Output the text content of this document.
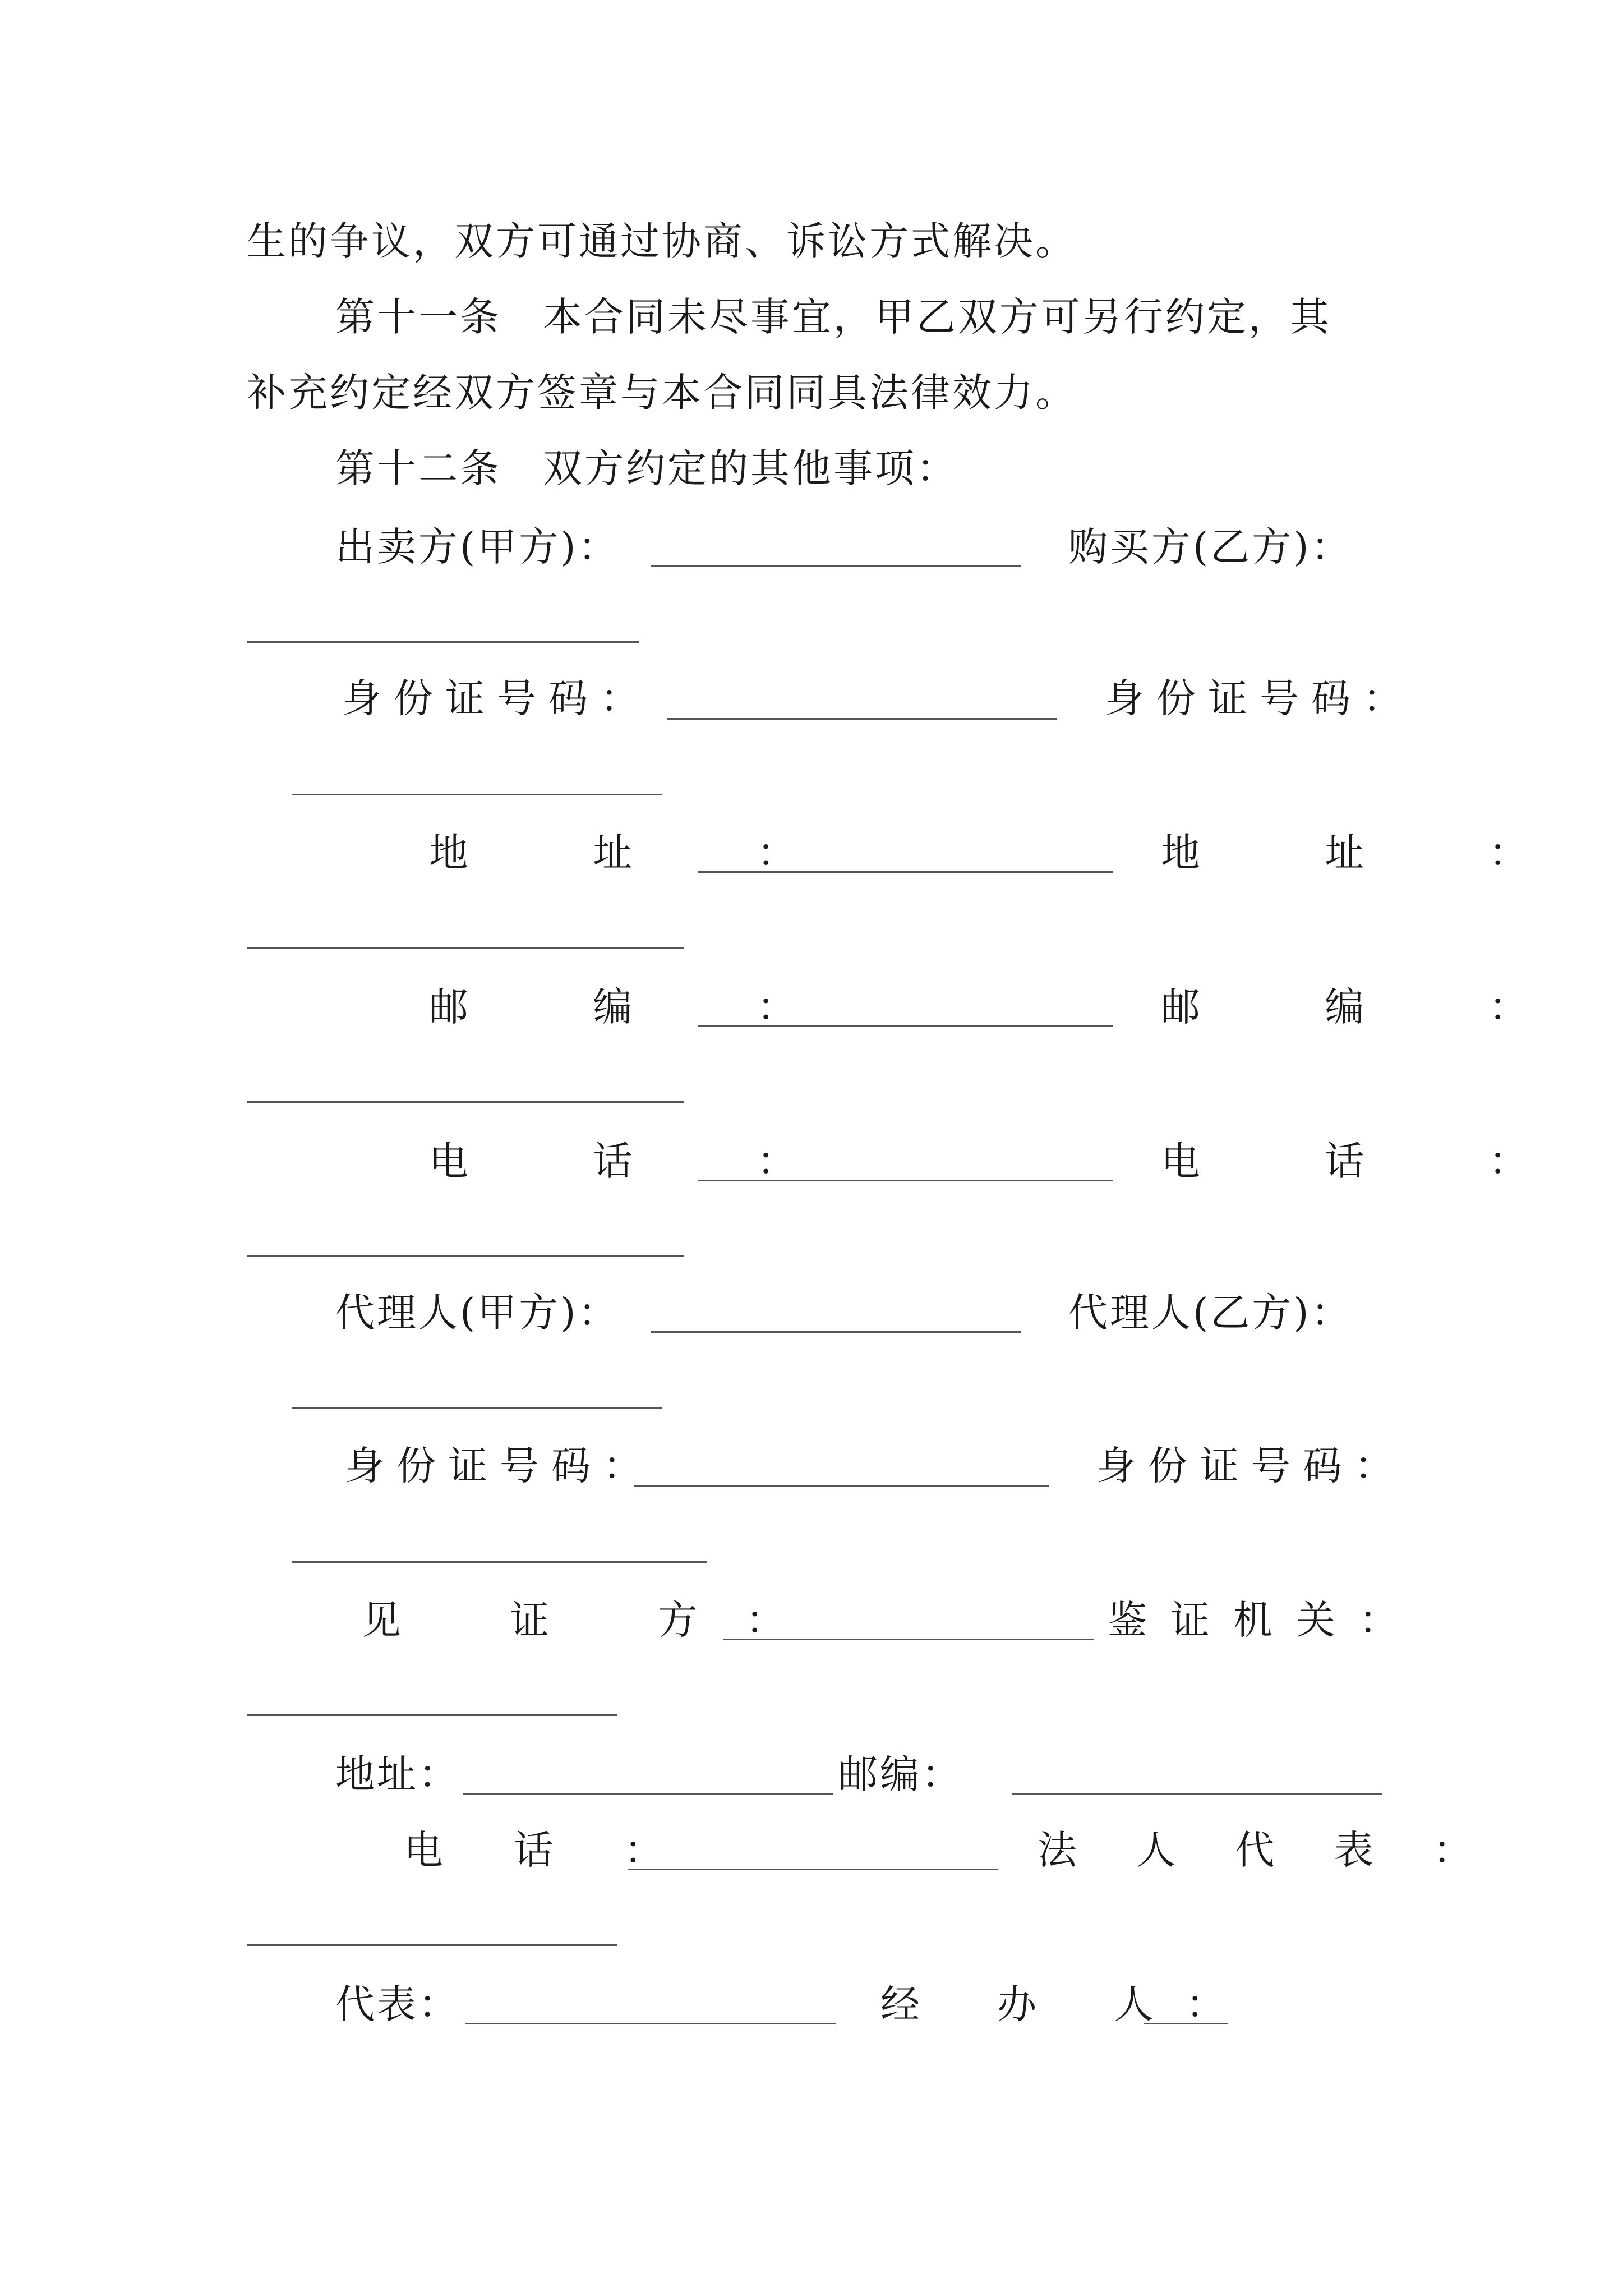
生的争议，双方可通过协商、诉讼方式解决。
第十一条　本合同未尽事宜，甲乙双方可另行约定，其
补充约定经双方签章与本合同同具法律效力。
第十二条　双方约定的其他事项：
出卖方(甲方)：	购买方(乙方)：
身份证号码：	身份证号码：
地 址 ：	地 址 ：
邮 编 ：	邮 编 ：
电 话 ：	电 话 ：
代理人(甲方)：	代理人(乙方)：
身份证号码：	身份证号码：
见 证 方：	鉴证机关：
地址：	邮编：
电 话 ：	法 人 代 表 ：
代表：	经 办 人：
